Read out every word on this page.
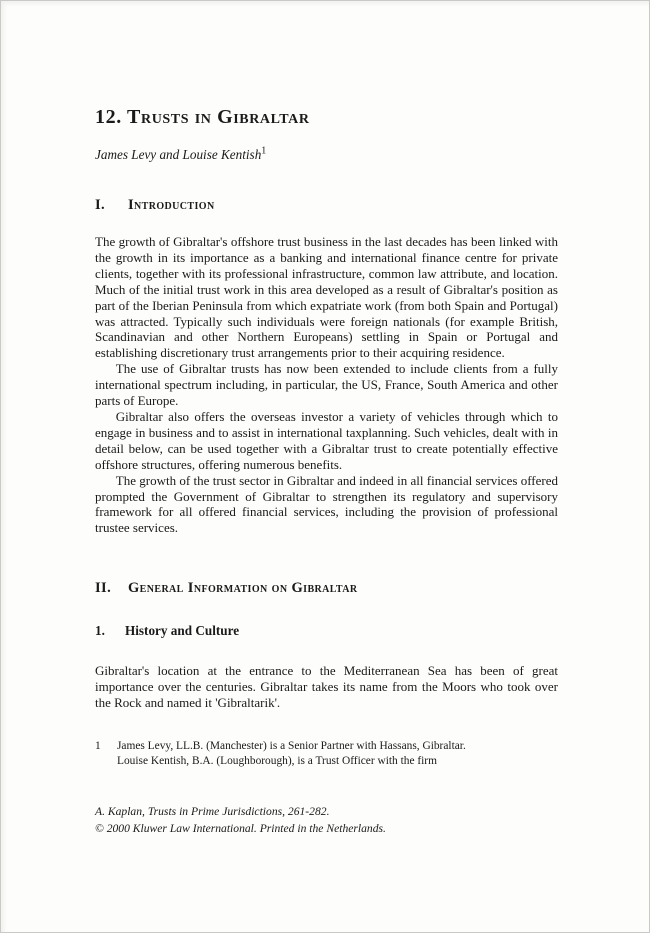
12. Trusts in Gibraltar

James Levy and Louise Kentish$^1$

I. Introduction

The growth of Gibraltar's offshore trust business in the last decades has been linked with the growth in its importance as a banking and international finance centre for private clients, together with its professional infrastructure, common law attribute, and location. Much of the initial trust work in this area developed as a result of Gibraltar's position as part of the Iberian Peninsula from which expatriate work (from both Spain and Portugal) was attracted. Typically such individuals were foreign nationals (for example British, Scandinavian and other Northern Europeans) settling in Spain or Portugal and establishing discretionary trust arrangements prior to their acquiring residence.

The use of Gibraltar trusts has now been extended to include clients from a fully international spectrum including, in particular, the US, France, South America and other parts of Europe.

Gibraltar also offers the overseas investor a variety of vehicles through which to engage in business and to assist in international taxplanning. Such vehicles, dealt with in detail below, can be used together with a Gibraltar trust to create potentially effective offshore structures, offering numerous benefits.

The growth of the trust sector in Gibraltar and indeed in all financial services offered prompted the Government of Gibraltar to strengthen its regulatory and supervisory framework for all offered financial services, including the provision of professional trustee services.

II. General Information on Gibraltar
1. History and Culture

Gibraltar's location at the entrance to the Mediterranean Sea has been of great importance over the centuries. Gibraltar takes its name from the Moors who took over the Rock and named it 'Gibraltarik'.

1	James Levy, LL.B. (Manchester) is a Senior Partner with Hassans, Gibraltar.
Louise Kentish, B.A. (Loughborough), is a Trust Officer with the firm
A. Kaplan, Trusts in Prime Jurisdictions, 261-282.
© 2000 Kluwer Law International. Printed in the Netherlands.
